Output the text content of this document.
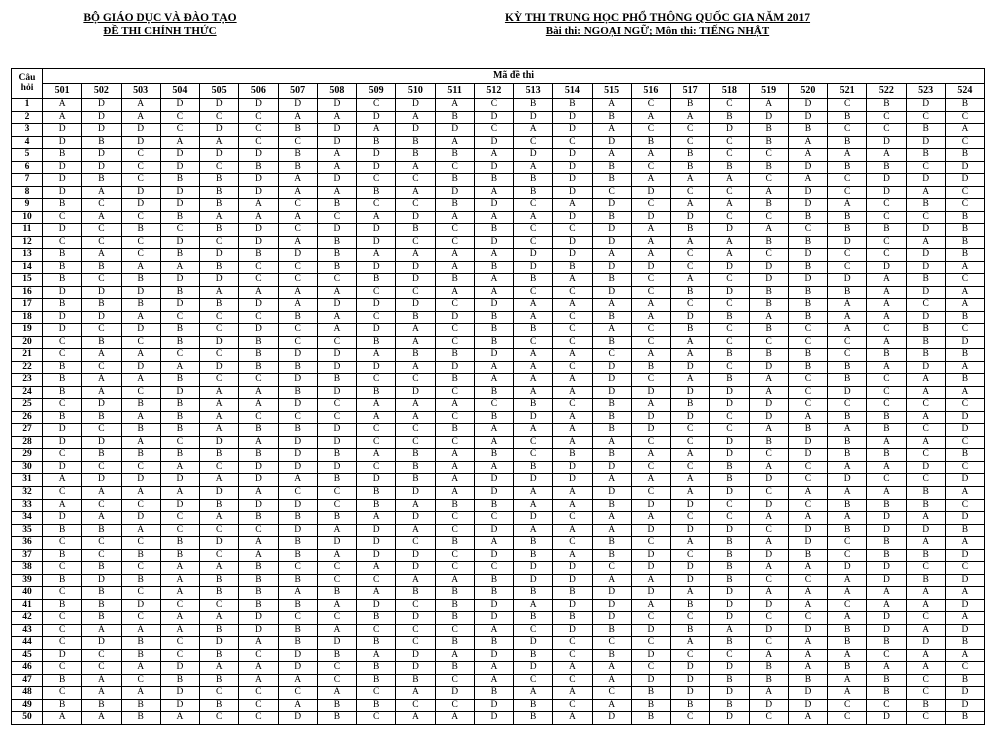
BỘ GIÁO DỤC VÀ ĐÀO TẠO
ĐỀ THI CHÍNH THỨC
KỲ THI TRUNG HỌC PHỔ THÔNG QUỐC GIA NĂM 2017
Bài thi: NGOẠI NGỮ; Môn thi: TIẾNG NHẬT
Câu hỏi	Mã đề thi																							
	501	502	503	504	505	506	507	508	509	510	511	512	513	514	515	516	517	518	519	520	521	522	523	524
1	A	D	A	D	D	D	D	D	C	D	A	C	B	B	A	C	B	C	A	D	C	B	D	B
2	A	D	A	C	C	C	A	A	D	A	B	D	D	D	B	A	A	B	D	D	B	C	C	C
3	D	D	D	C	D	C	B	D	A	D	D	C	A	D	A	C	C	D	B	B	C	C	B	A
4	D	B	D	A	A	C	C	D	B	B	A	D	C	C	D	B	C	C	B	A	B	D	D	C
5	B	D	C	D	D	D	B	A	D	B	B	A	D	D	A	A	B	C	C	A	A	A	B	B
6	D	D	C	D	C	B	B	A	D	A	C	D	A	D	B	C	B	B	B	D	B	B	C	D
7	D	B	C	B	B	D	A	D	C	C	B	B	B	D	B	A	A	A	C	A	C	D	D	D
8	D	A	D	D	B	D	A	A	B	A	D	A	B	D	C	D	C	C	A	D	C	D	A	C
9	B	C	D	D	B	A	C	B	C	C	B	D	C	A	D	C	A	A	B	D	A	C	B	C
10	C	A	C	B	A	A	A	C	A	D	A	A	A	D	B	D	D	C	C	B	B	C	C	B
11	D	C	B	C	B	D	C	D	D	B	C	B	C	C	D	A	B	D	A	C	B	B	D	B
12	C	C	C	D	C	D	A	B	D	C	C	D	C	D	D	A	A	A	B	B	D	C	A	B
13	B	A	C	B	D	B	D	B	A	A	A	A	D	D	A	A	C	A	C	D	C	C	D	B
14	B	B	A	A	B	C	C	B	D	D	A	B	D	B	D	D	C	D	D	B	C	D	D	A
15	B	C	B	D	D	C	C	C	B	D	B	A	B	A	B	C	A	C	D	D	D	A	B	C
16	D	D	D	B	A	A	A	A	C	C	A	A	C	C	D	C	B	D	B	B	B	A	D	A
17	B	B	B	D	B	D	A	D	D	D	C	D	A	A	A	A	C	C	B	B	A	A	C	A
18	D	D	A	C	C	C	B	A	C	B	D	B	A	C	B	A	D	B	A	B	A	A	D	B
19	D	C	D	B	C	D	C	A	D	A	C	B	B	C	A	C	B	C	B	C	A	C	B	C
20	C	B	C	B	D	B	C	C	B	A	C	B	C	C	B	C	A	C	C	C	C	A	B	D
21	C	A	A	C	C	B	D	D	A	B	B	D	A	A	C	A	A	B	B	B	C	B	B	B
22	B	C	D	A	D	B	B	D	D	A	D	A	A	C	D	B	D	C	D	B	B	A	D	A
23	B	A	A	B	C	C	D	B	C	C	B	A	A	A	D	C	A	B	A	C	B	C	A	B
24	B	A	C	D	A	A	B	D	B	D	C	B	A	A	D	D	D	D	A	C	D	C	A	A
25	C	D	B	B	A	A	D	C	A	A	A	C	B	C	B	A	B	D	D	C	C	C	C	C
26	B	B	A	B	A	C	C	C	A	A	C	B	D	A	B	D	D	C	D	A	B	B	A	D
27	D	C	B	B	A	B	B	D	C	C	B	A	A	A	B	D	C	C	A	B	A	B	C	D
28	D	D	A	C	D	A	D	D	C	C	C	A	C	A	A	C	C	D	B	D	B	A	A	C
29	C	B	B	B	B	B	D	B	A	B	A	B	C	B	B	A	A	D	C	D	B	B	C	B
30	D	C	C	A	C	D	D	D	C	B	A	A	B	D	D	C	C	B	A	C	A	A	D	C
31	A	D	D	D	A	D	A	B	D	B	A	D	D	D	A	A	A	B	D	C	D	C	C	D
32	C	A	A	A	D	A	C	C	B	D	A	D	A	A	D	C	A	D	C	A	A	A	B	A
33	A	C	C	D	B	D	D	C	B	A	B	B	A	A	B	D	D	C	D	C	B	B	B	C
34	D	A	D	C	A	B	B	B	A	D	C	C	D	C	A	A	C	C	A	A	A	D	A	D
35	B	B	A	C	C	C	D	A	D	A	C	D	A	A	A	D	D	D	C	D	B	D	D	B
36	C	C	C	B	D	A	B	D	D	C	B	A	B	C	B	C	A	B	A	D	C	B	A	A
37	B	C	B	B	C	A	B	A	D	D	C	D	B	A	B	D	C	B	D	B	C	B	B	D
38	C	B	C	A	A	B	C	C	A	D	C	C	D	D	C	D	D	B	A	A	D	D	C	C
39	B	D	B	A	B	B	B	C	C	A	A	B	D	D	A	A	D	B	C	C	A	D	B	D
40	C	B	C	A	B	B	A	B	A	B	B	B	B	B	D	D	A	D	A	A	A	A	A	A
41	B	B	D	C	C	B	B	A	D	C	B	D	A	D	D	A	B	D	D	A	C	A	A	D
42	C	B	C	A	A	D	C	C	B	D	B	D	B	B	D	C	C	D	C	C	A	D	C	A
43	C	A	A	A	B	D	B	A	C	C	C	A	C	D	B	D	B	A	D	D	B	D	A	D
44	C	D	B	C	D	A	B	D	B	C	B	B	D	C	C	C	A	B	C	A	B	B	D	B
45	D	C	B	C	B	C	D	B	A	D	A	D	B	C	B	D	C	C	A	A	A	C	A	A
46	C	C	A	D	A	A	D	C	B	D	B	A	D	A	A	C	D	D	B	A	B	A	A	C
47	B	A	C	B	B	A	A	C	B	B	C	A	C	C	A	D	D	B	B	B	A	B	C	B
48	C	A	A	D	C	C	C	A	C	A	D	B	A	A	C	B	D	D	A	D	A	B	C	D
49	B	B	B	D	B	C	A	B	B	C	C	D	B	C	A	B	B	B	D	D	C	C	B	D
50	A	A	B	A	C	C	D	B	C	A	A	D	B	A	D	B	C	D	C	A	C	D	C	B
